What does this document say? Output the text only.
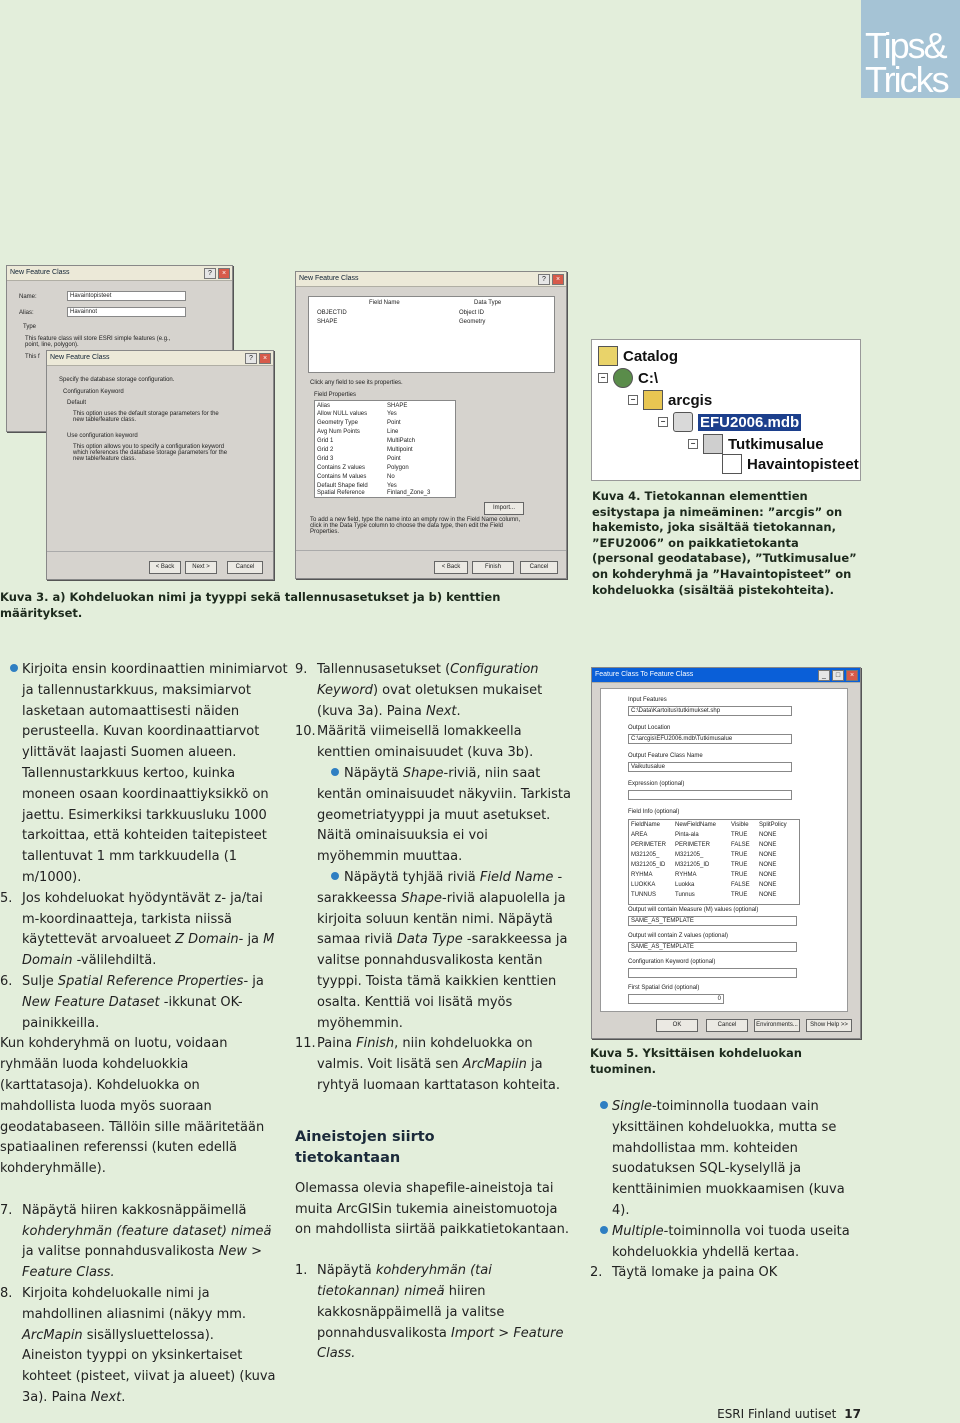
Tips&
Tricks
New Feature Class	?	×
Name:	Havaintopisteet
Alias:	Havainnot
Type
This feature class will store ESRI simple features (e.g., point, line, polygon).
This f	New Feature Class	?	×
Specify the database storage configuration.
Configuration Keyword
Default
This option uses the default storage parameters for the new table/feature class.
Use configuration keyword
This option allows you to specify a configuration keyword which references the database storage parameters for the new table/feature class.
< Back	Next >	Cancel
New Feature Class	?	×
Field Name	Data Type
OBJECTID	Object ID
SHAPE	Geometry
Click any field to see its properties.
Field Properties
Alias	SHAPE
Allow NULL values	Yes
Geometry Type	Point
Avg Num Points	Line
Grid 1	MultiPatch
Grid 2	Multipoint
Grid 3	Point
Contains Z values	Polygon
Contains M values	No
Default Shape field	Yes
Spatial Reference	Finland_Zone_3
Import...
To add a new field, type the name into an empty row in the Field Name column, click in the Data Type column to choose the data type, then edit the Field Properties.
< Back	Finish	Cancel
Kuva 3. a) Kohdeluokan nimi ja tyyppi sekä tallennusasetukset ja b) kenttien määritykset.
Catalog
− C:\
− arcgis
− EFU2006.mdb
− Tutkimusalue
Havaintopisteet
Kuva 4. Tietokannan elementtien esitystapa ja nimeäminen: ”arcgis” on hakemisto, joka sisältää tietokannan, ”EFU2006” on paikkatietokanta (personal geodatabase), ”Tutkimusalue” on kohderyhmä ja ”Havaintopisteet” on kohdeluokka (sisältää pistekohteita).

Kirjoita ensin koordinaattien minimiarvot ja tallennustarkkuus, maksimiarvot lasketaan automaattisesti näiden perusteella. Kuvan koordinaattiarvot ylittävät laajasti Suomen alueen. Tallennustarkkuus kertoo, kuinka moneen osaan koordinaattiyksikkö on jaettu. Esimerkiksi tarkkuusluku 1000 tarkoittaa, että kohteiden taitepisteet tallentuvat 1 mm tarkkuudella (1 m/1000).

5. Jos kohdeluokat hyödyntävät z- ja/tai m-koordinaatteja, tarkista niissä käytettevät arvoalueet Z Domain- ja M Domain -välilehdiltä.

6. Sulje Spatial Reference Properties- ja New Feature Dataset -ikkunat OK-painikkeilla.

Kun kohderyhmä on luotu, voidaan ryhmään luoda kohdeluokkia (karttatasoja). Kohdeluokka on mahdollista luoda myös suoraan geodatabaseen. Tällöin sille määritetään spatiaalinen referenssi (kuten edellä kohderyhmälle).

7. Näpäytä hiiren kakkosnäppäimellä kohderyhmän (feature dataset) nimeä ja valitse ponnahdusvalikosta New > Feature Class.

8. Kirjoita kohdeluokalle nimi ja mahdollinen aliasnimi (näkyy mm. ArcMapin sisällysluettelossa). Aineiston tyyppi on yksinkertaiset kohteet (pisteet, viivat ja alueet) (kuva 3a). Paina Next.

9. Tallennusasetukset (Configuration Keyword) ovat oletuksen mukaiset (kuva 3a). Paina Next.

10. Määritä viimeisellä lomakkeella kenttien ominaisuudet (kuva 3b).

Näpäytä Shape-riviä, niin saat kentän ominaisuudet näkyviin. Tarkista geometriatyyppi ja muut asetukset. Näitä ominaisuuksia ei voi myöhemmin muuttaa.

Näpäytä tyhjää riviä Field Name -sarakkeessa Shape-riviä alapuolella ja kirjoita soluun kentän nimi. Näpäytä samaa riviä Data Type -sarakkeessa ja valitse ponnahdusvalikosta kentän tyyppi. Toista tämä kaikkien kenttien osalta. Kenttiä voi lisätä myös myöhemmin.

11. Paina Finish, niin kohdeluokka on valmis. Voit lisätä sen ArcMapiin ja ryhtyä luomaan karttatason kohteita.

Aineistojen siirto tietokantaan

Olemassa olevia shapefile-aineistoja tai muita ArcGISin tukemia aineistomuotoja on mahdollista siirtää paikkatietokantaan.

1. Näpäytä kohderyhmän (tai tietokannan) nimeä hiiren kakkosnäppäimellä ja valitse ponnahdusvalikosta Import > Feature Class.

Feature Class To Feature Class	_	□	×
Input Features
C:\Data\Kartoitus\tutkimukset.shp
Output Location
C:\arcgis\EFU2006.mdb\Tutkimusalue
Output Feature Class Name
Vaikutusalue
Expression (optional)
Field Info (optional)
FieldName NewFieldName Visible SplitPolicy
AREA	Pinta-ala	TRUE NONE
PERIMETER PERIMETER	FALSE NONE
M321205_	M321205_	TRUE NONE
M321205_ID M321205_ID	TRUE NONE
RYHMA	RYHMA	TRUE NONE
LUOKKA	Luokka	FALSE NONE
TUNNUS	Tunnus	TRUE NONE
Output will contain Measure (M) values (optional)
SAME_AS_TEMPLATE
Output will contain Z values (optional)
SAME_AS_TEMPLATE
Configuration Keyword (optional)
First Spatial Grid (optional)
0
OK	Cancel	Environments...	Show Help >>
Kuva 5. Yksittäisen kohdeluokan tuominen.

Single-toiminnolla tuodaan vain yksittäinen kohdeluokka, mutta se mahdollistaa mm. kohteiden suodatuksen SQL-kyselyllä ja kenttäinimien muokkaamisen (kuva 4).

Multiple-toiminnolla voi tuoda useita kohdeluokkia yhdellä kertaa.

2. Täytä lomake ja paina OK

ESRI Finland uutiset 17
